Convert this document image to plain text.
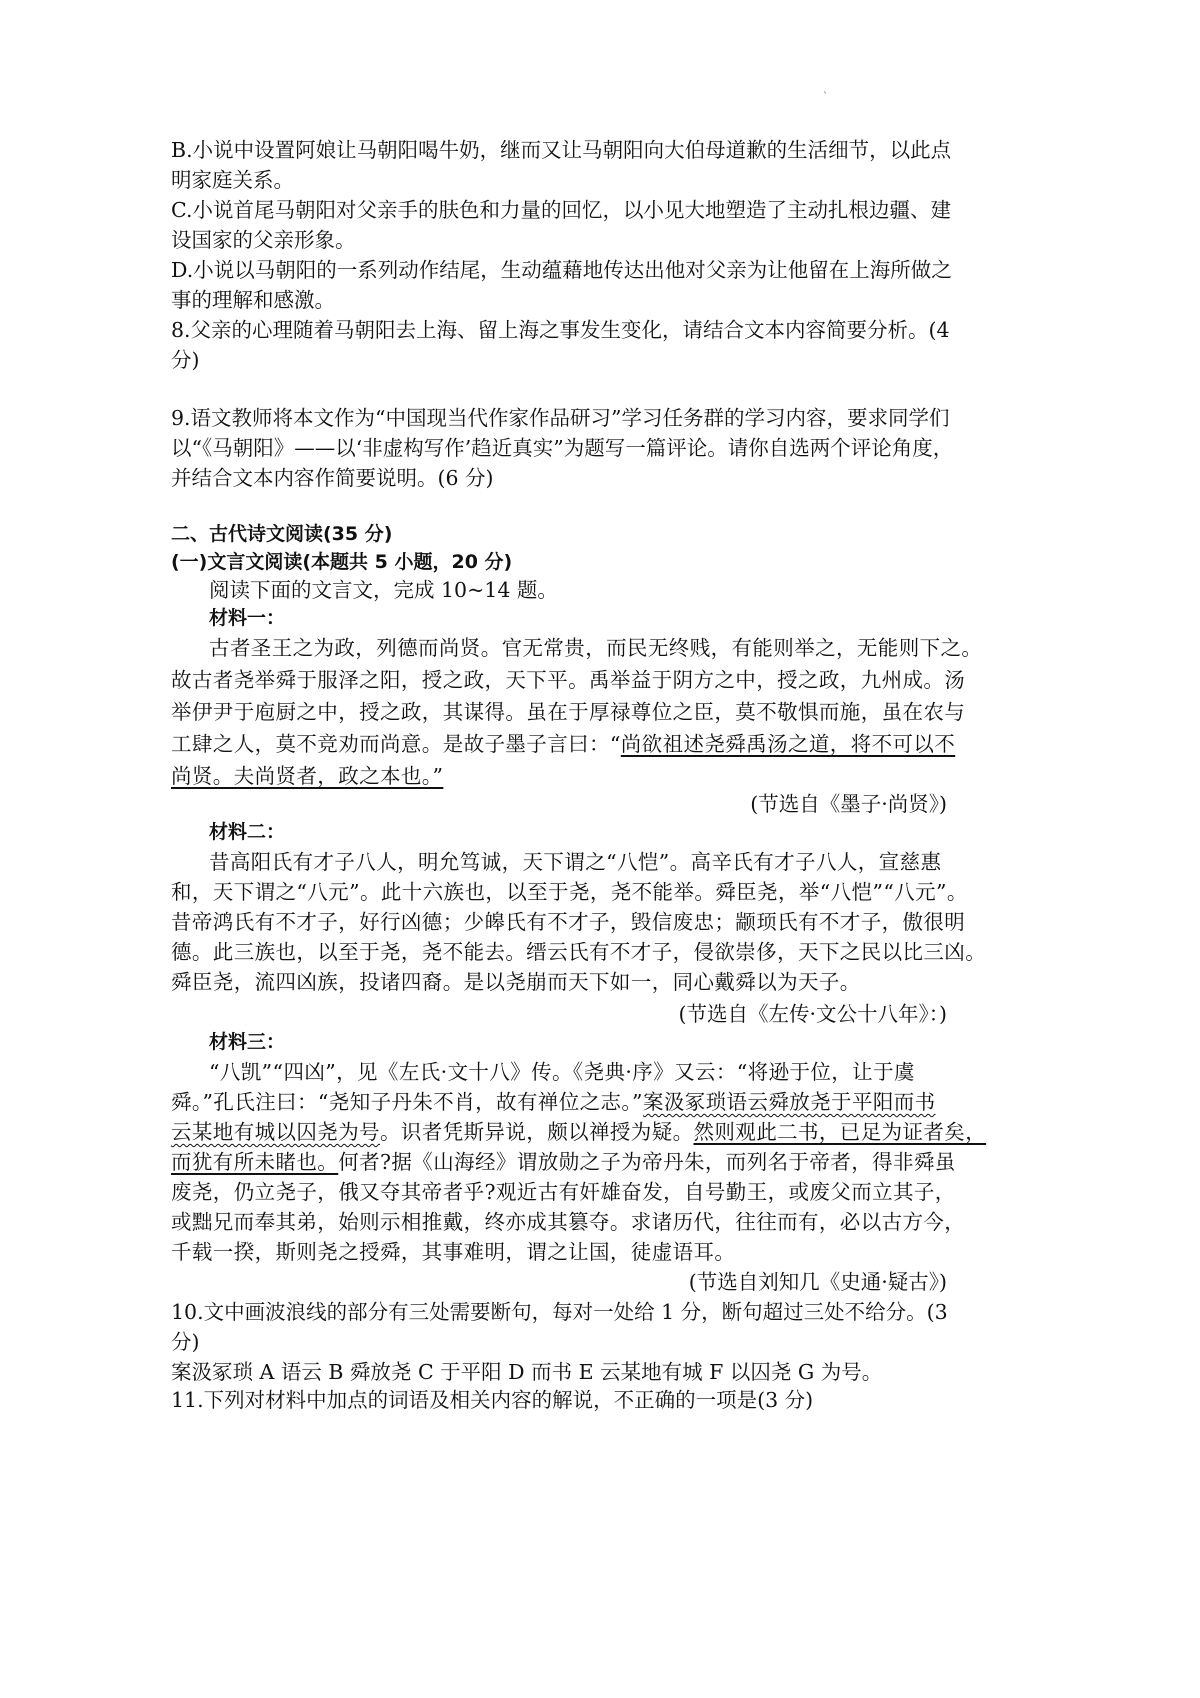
`
B.小说中设置阿娘让马朝阳喝牛奶，继而又让马朝阳向大伯母道歉的生活细节，以此点
明家庭关系。
C.小说首尾马朝阳对父亲手的肤色和力量的回忆，以小见大地塑造了主动扎根边疆、建
设国家的父亲形象。
D.小说以马朝阳的一系列动作结尾，生动蕴藉地传达出他对父亲为让他留在上海所做之
事的理解和感激。
8.父亲的心理随着马朝阳去上海、留上海之事发生变化，请结合文本内容简要分析。(4
分)
9.语文教师将本文作为“中国现当代作家作品研习”学习任务群的学习内容，要求同学们
以“《马朝阳》——以‘非虚构写作’趋近真实”为题写一篇评论。请你自选两个评论角度，
并结合文本内容作简要说明。(6 分)
二、古代诗文阅读(35 分)
(一)文言文阅读(本题共 5 小题，20 分)
阅读下面的文言文，完成 10~14 题。
材料一：
古者圣王之为政，列德而尚贤。官无常贵，而民无终贱，有能则举之，无能则下之。
故古者尧举舜于服泽之阳，授之政，天下平。禹举益于阴方之中，授之政，九州成。汤
举伊尹于庖厨之中，授之政，其谋得。虽在于厚禄尊位之臣，莫不敬惧而施，虽在农与
工肆之人，莫不竞劝而尚意。是故子墨子言曰：“尚欲祖述尧舜禹汤之道，将不可以不
尚贤。夫尚贤者，政之本也。”
(节选自《墨子·尚贤》)
材料二：
昔高阳氏有才子八人，明允笃诚，天下谓之“八恺”。高辛氏有才子八人，宣慈惠
和，天下谓之“八元”。此十六族也，以至于尧，尧不能举。舜臣尧，举“八恺”“八元”。
昔帝鸿氏有不才子，好行凶德；少皞氏有不才子，毁信废忠；颛顼氏有不才子，傲很明
德。此三族也，以至于尧，尧不能去。缙云氏有不才子，侵欲崇侈，天下之民以比三凶。
舜臣尧，流四凶族，投诸四裔。是以尧崩而天下如一，同心戴舜以为天子。
(节选自《左传·文公十八年》：)
材料三：
“八凯”“四凶”，见《左氏·文十八》传。《尧典·序》又云：“将逊于位，让于虞
舜。”孔氏注曰：“尧知子丹朱不肖，故有禅位之志。”案汲冢琐语云舜放尧于平阳而书
云某地有城以囚尧为号。识者凭斯异说，颇以禅授为疑。然则观此二书，已足为证者矣，
而犹有所未睹也。何者?据《山海经》谓放勋之子为帝丹朱，而列名于帝者，得非舜虽
废尧，仍立尧子，俄又夺其帝者乎?观近古有奸雄奋发，自号勤王，或废父而立其子，
或黜兄而奉其弟，始则示相推戴，终亦成其篡夺。求诸历代，往往而有，必以古方今，
千载一揆，斯则尧之授舜，其事难明，谓之让国，徒虚语耳。
(节选自刘知几《史通·疑古》)
10.文中画波浪线的部分有三处需要断句，每对一处给 1 分，断句超过三处不给分。(3
分)
案汲冢琐 A 语云 B 舜放尧 C 于平阳 D 而书 E 云某地有城 F 以囚尧 G 为号。
11.下列对材料中加点的词语及相关内容的解说，不正确的一项是(3 分)
